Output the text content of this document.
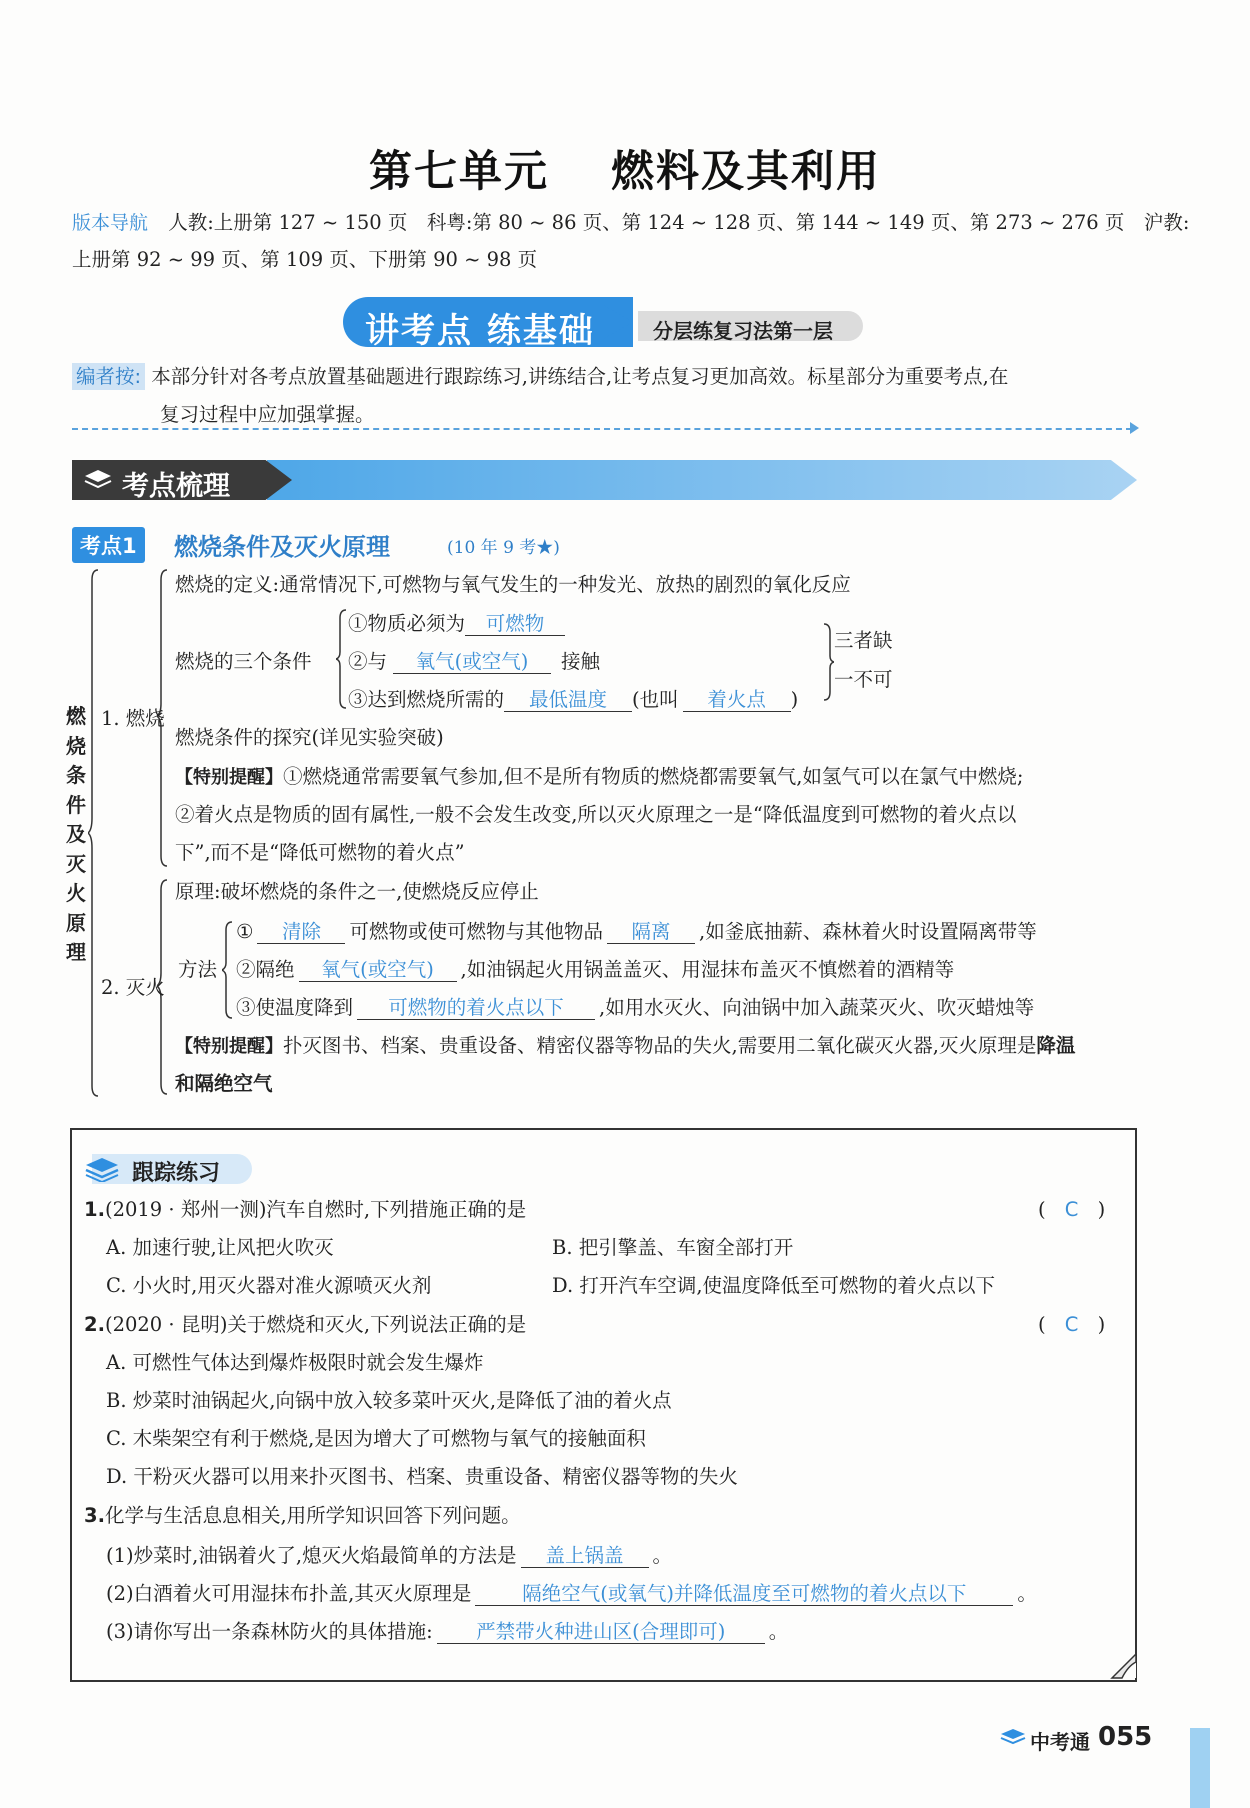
第七单元　 燃料及其利用
版本导航 人教:上册第 127 ~ 150 页　科粤:第 80 ~ 86 页、第 124 ~ 128 页、第 144 ~ 149 页、第 273 ~ 276 页　沪教:
上册第 92 ~ 99 页、第 109 页、下册第 90 ~ 98 页
讲考点 练基础	分层练复习法第一层
编者按: 本部分针对各考点放置基础题进行跟踪练习,讲练结合,让考点复习更加高效。标星部分为重要考点,在
复习过程中应加强掌握。
考点梳理
考点1	燃烧条件及灭火原理	(10 年 9 考★)
燃
烧
条
件
及
灭
火
原
理
1. 燃烧
燃烧的定义:通常情况下,可燃物与氧气发生的一种发光、放热的剧烈的氧化反应
燃烧的三个条件
①物质必须为 可燃物
②与 氧气(或空气) 接触
③达到燃烧所需的 最低温度 (也叫 着火点 )
三者缺
一不可
燃烧条件的探究(详见实验突破)
【特别提醒】①燃烧通常需要氧气参加,但不是所有物质的燃烧都需要氧气,如氢气可以在氯气中燃烧;
②着火点是物质的固有属性,一般不会发生改变,所以灭火原理之一是“降低温度到可燃物的着火点以
下”,而不是“降低可燃物的着火点”
2. 灭火
原理:破坏燃烧的条件之一,使燃烧反应停止
方法
① 清除 可燃物或使可燃物与其他物品 隔离 ,如釜底抽薪、森林着火时设置隔离带等
②隔绝 氧气(或空气) ,如油锅起火用锅盖盖灭、用湿抹布盖灭不慎燃着的酒精等
③使温度降到 可燃物的着火点以下 ,如用水灭火、向油锅中加入蔬菜灭火、吹灭蜡烛等
【特别提醒】扑灭图书、档案、贵重设备、精密仪器等物品的失火,需要用二氧化碳灭火器,灭火原理是降温
和隔绝空气
跟踪练习
1.(2019 · 郑州一测)汽车自燃时,下列措施正确的是	( C )
A. 加速行驶,让风把火吹灭	B. 把引擎盖、车窗全部打开
C. 小火时,用灭火器对准火源喷灭火剂	D. 打开汽车空调,使温度降低至可燃物的着火点以下
2.(2020 · 昆明)关于燃烧和灭火,下列说法正确的是	( C )
A. 可燃性气体达到爆炸极限时就会发生爆炸
B. 炒菜时油锅起火,向锅中放入较多菜叶灭火,是降低了油的着火点
C. 木柴架空有利于燃烧,是因为增大了可燃物与氧气的接触面积
D. 干粉灭火器可以用来扑灭图书、档案、贵重设备、精密仪器等物的失火
3.化学与生活息息相关,用所学知识回答下列问题。
(1)炒菜时,油锅着火了,熄灭火焰最简单的方法是 盖上锅盖 。
(2)白酒着火可用湿抹布扑盖,其灭火原理是	隔绝空气(或氧气)并降低温度至可燃物的着火点以下	。
(3)请你写出一条森林防火的具体措施: 严禁带火种进山区(合理即可) 。
中考通 055
